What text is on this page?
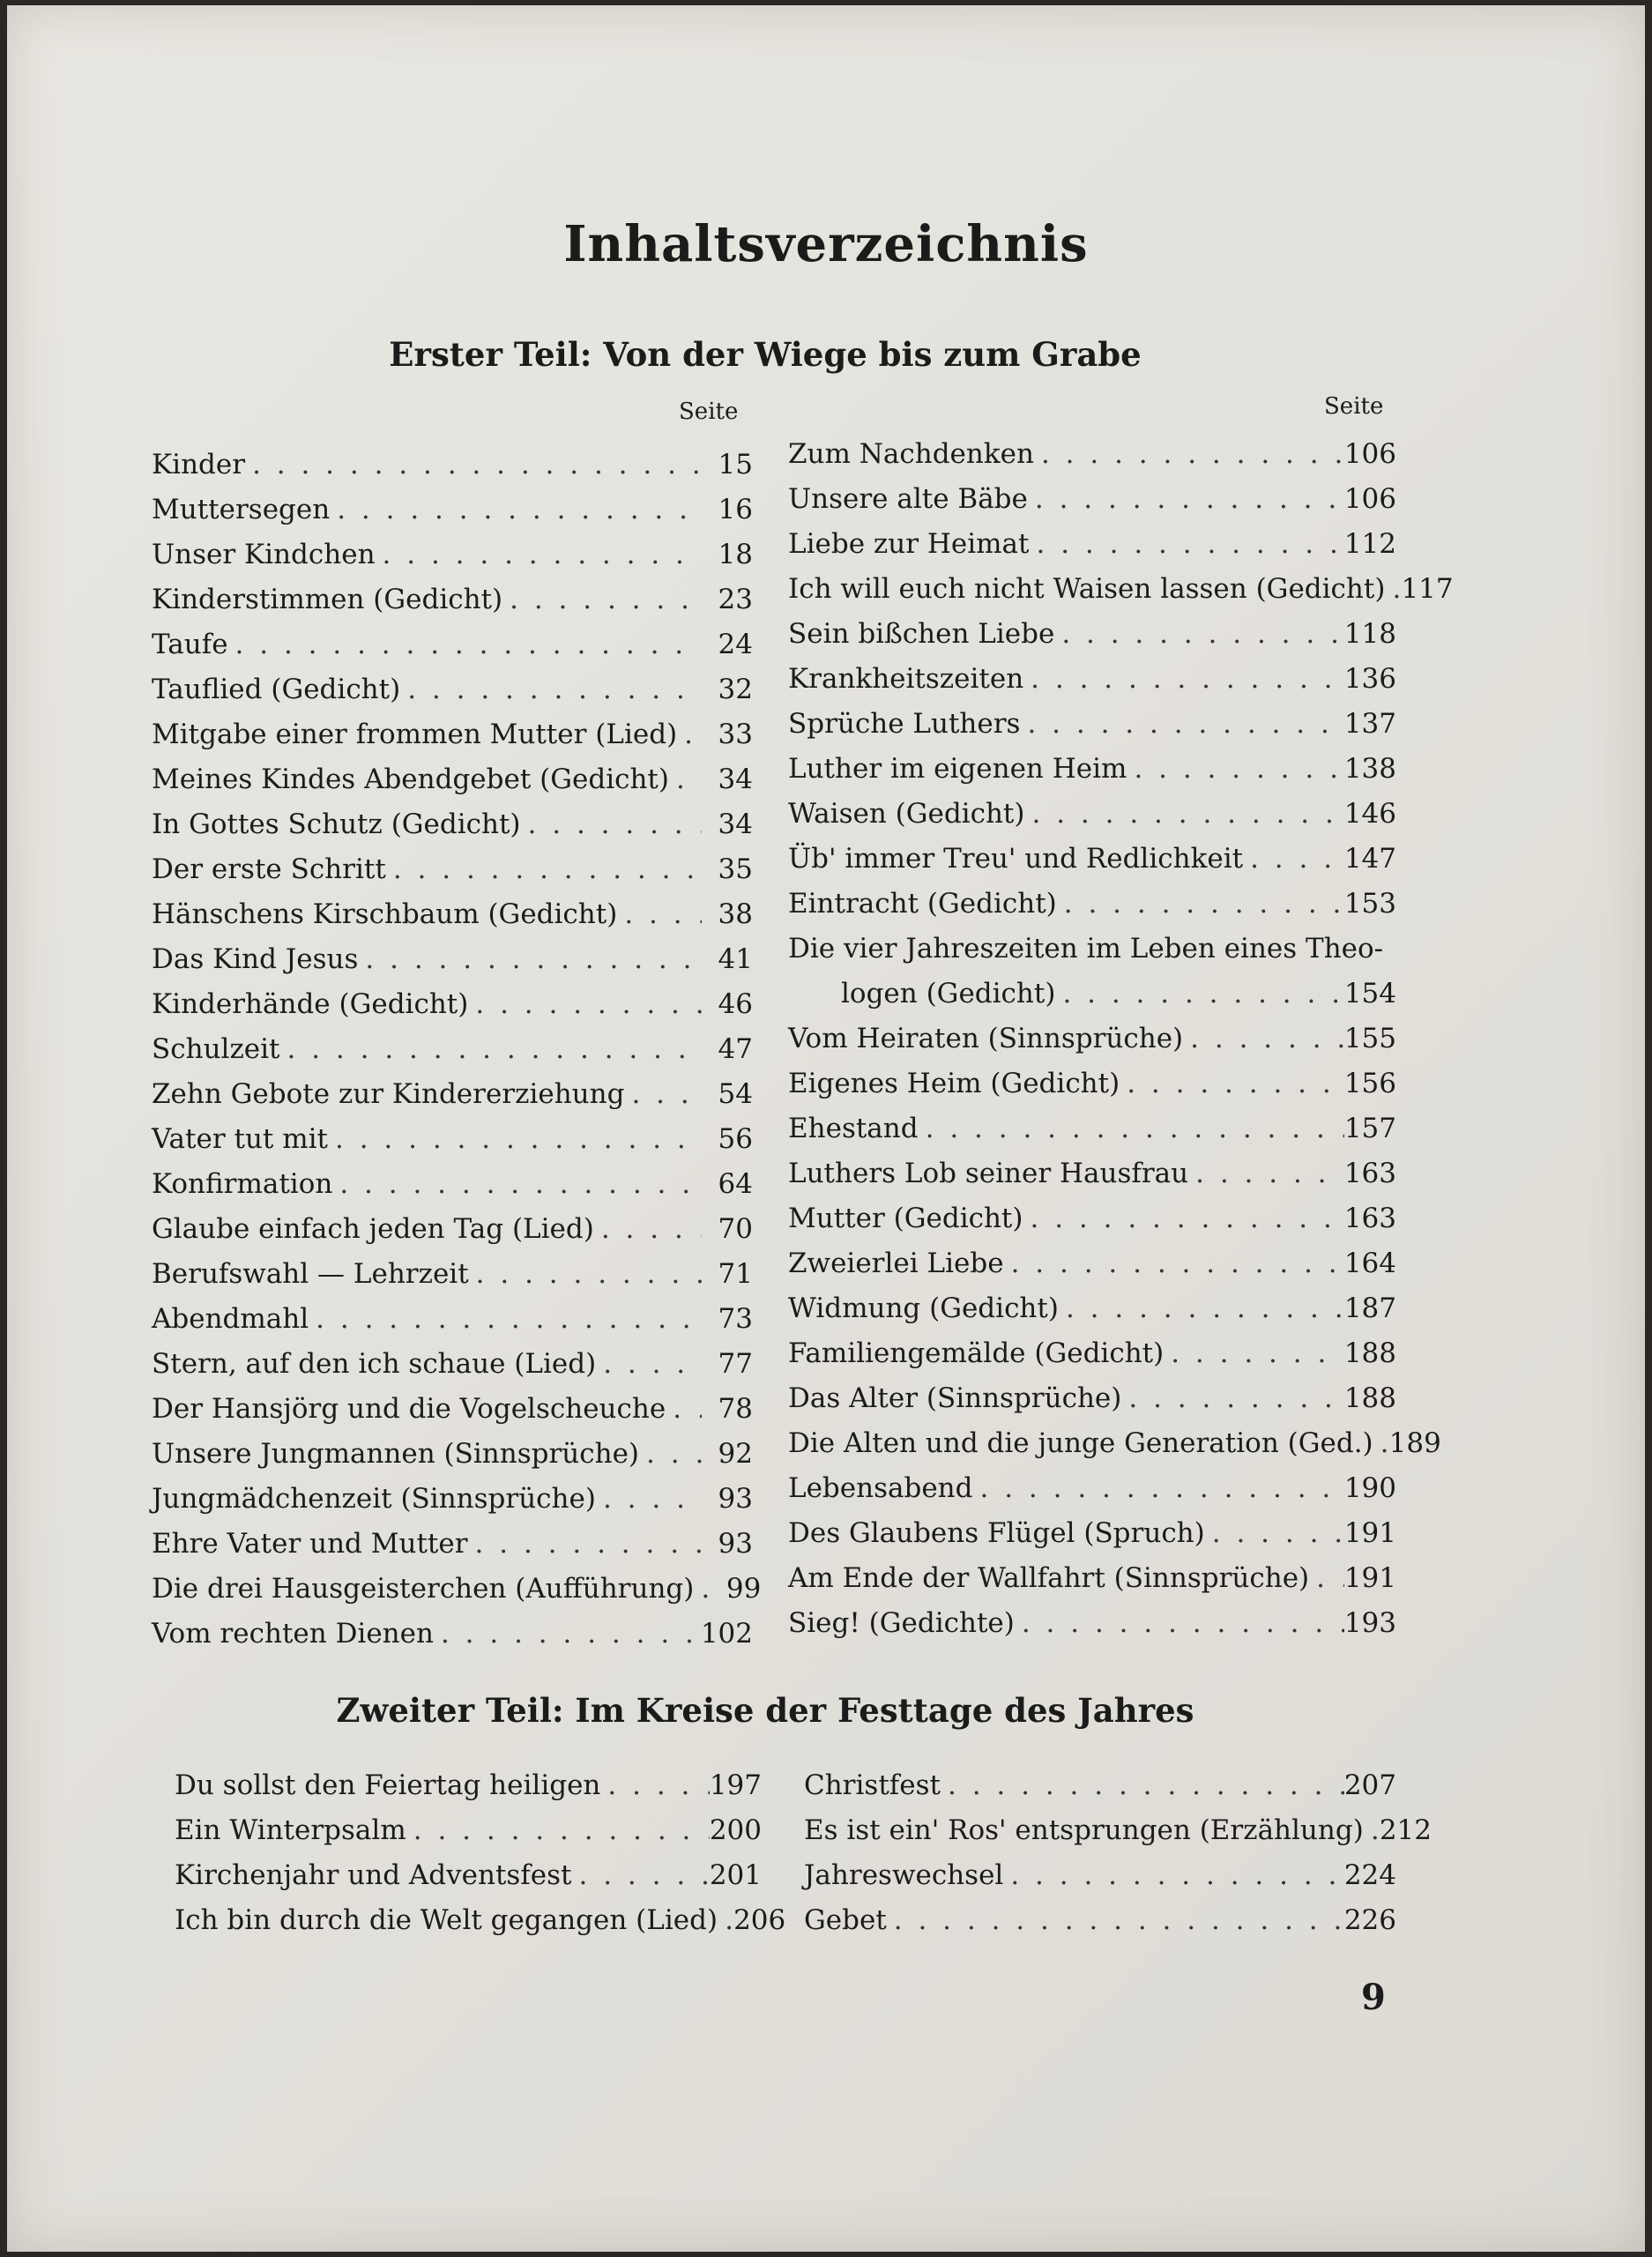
Inhaltsverzeichnis
Erster Teil: Von der Wiege bis zum Grabe
Seite	Seite
Kinder . . .	15
Muttersegen . . .	16
Unser Kindchen . . .	18
Kinderstimmen (Gedicht) . . .	23
Taufe . . .	24
Tauflied (Gedicht) . . .	32
Mitgabe einer frommen Mutter (Lied) . . .	33
Meines Kindes Abendgebet (Gedicht) . . .	34
In Gottes Schutz (Gedicht) . . .	34
Der erste Schritt . . .	35
Hänschens Kirschbaum (Gedicht) . . .	38
Das Kind Jesus . . .	41
Kinderhände (Gedicht) . . .	46
Schulzeit . . .	47
Zehn Gebote zur Kindererziehung . . .	54
Vater tut mit . . .	56
Konfirmation . . .	64
Glaube einfach jeden Tag (Lied) . . .	70
Berufswahl — Lehrzeit . . .	71
Abendmahl . . .	73
Stern, auf den ich schaue (Lied) . . .	77
Der Hansjörg und die Vogelscheuche . . .	78
Unsere Jungmannen (Sinnsprüche) . . .	92
Jungmädchenzeit (Sinnsprüche) . . .	93
Ehre Vater und Mutter . . .	93
Die drei Hausgeisterchen (Aufführung) . . .	99
Vom rechten Dienen . . .	102
Zum Nachdenken . . .	106
Unsere alte Bäbe . . .	106
Liebe zur Heimat . . .	112
Ich will euch nicht Waisen lassen (Gedicht) . . . 117
Sein bißchen Liebe . . .	118
Krankheitszeiten . . .	136
Sprüche Luthers . . .	137
Luther im eigenen Heim . . .	138
Waisen (Gedicht) . . .	146
Üb' immer Treu' und Redlichkeit . . .	147
Eintracht (Gedicht) . . .	153
Die vier Jahreszeiten im Leben eines Theo-
logen (Gedicht) . . .	154
Vom Heiraten (Sinnsprüche) . . .	155
Eigenes Heim (Gedicht) . . .	156
Ehestand . . .	157
Luthers Lob seiner Hausfrau . . .	163
Mutter (Gedicht) . . .	163
Zweierlei Liebe . . .	164
Widmung (Gedicht) . . .	187
Familiengemälde (Gedicht) . . .	188
Das Alter (Sinnsprüche) . . .	188
Die Alten und die junge Generation (Ged.) . . . 189
Lebensabend . . .	190
Des Glaubens Flügel (Spruch) . . .	191
Am Ende der Wallfahrt (Sinnsprüche) . . . 191
Sieg! (Gedichte) . . .	193
Zweiter Teil: Im Kreise der Festtage des Jahres
Du sollst den Feiertag heiligen . . .	197
Ein Winterpsalm . . .	200
Kirchenjahr und Adventsfest . . .	201
Ich bin durch die Welt gegangen (Lied) . . . 206
Christfest . . .	207
Es ist ein' Ros' entsprungen (Erzählung) . . . 212
Jahreswechsel . . .	224
Gebet . . .	226
9
